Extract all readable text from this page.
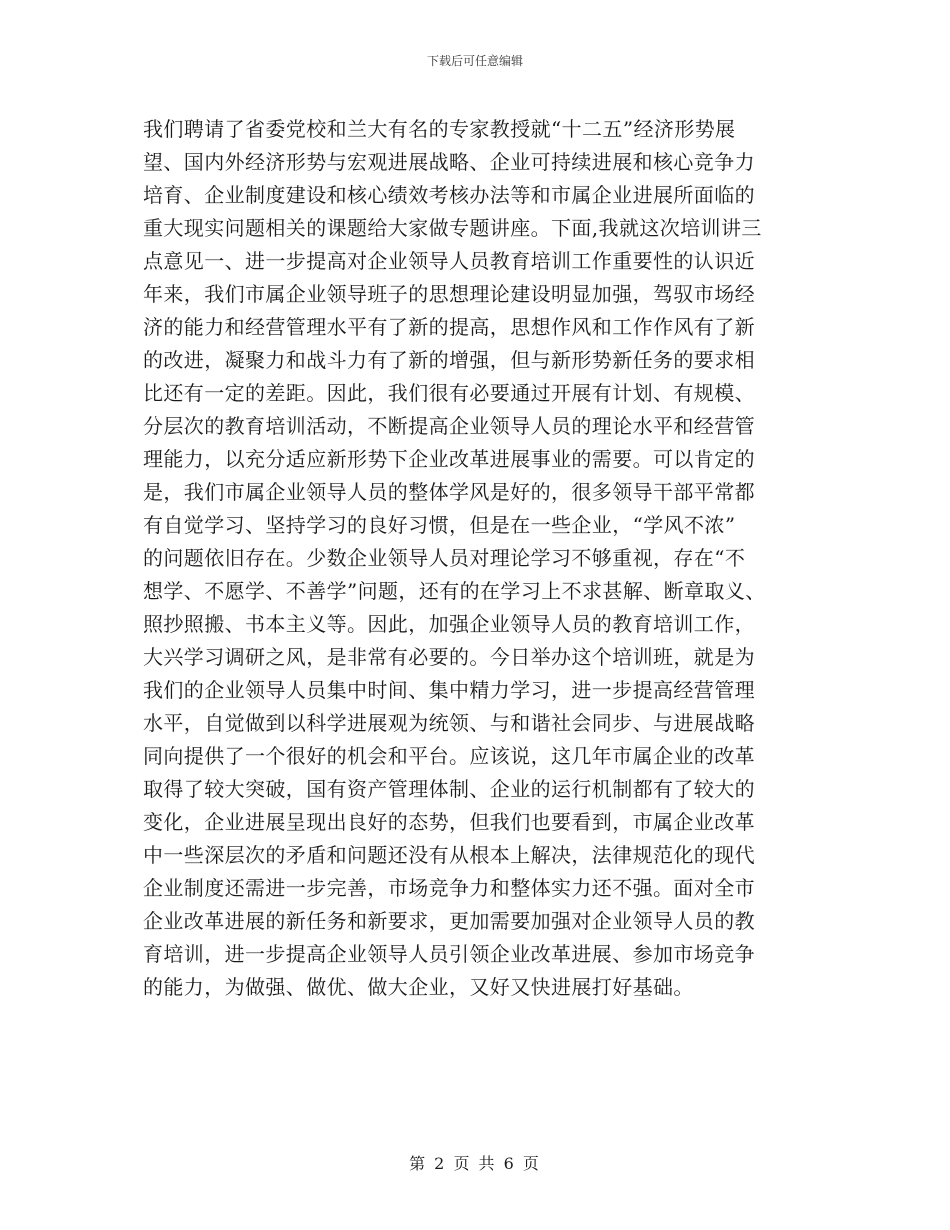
下载后可任意编辑
我们聘请了省委党校和兰大有名的专家教授就“十二五”经济形势展
望、国内外经济形势与宏观进展战略、企业可持续进展和核心竞争力
培育、企业制度建设和核心绩效考核办法等和市属企业进展所面临的
重大现实问题相关的课题给大家做专题讲座。下面,我就这次培训讲三
点意见一、进一步提高对企业领导人员教育培训工作重要性的认识近
年来，我们市属企业领导班子的思想理论建设明显加强，驾驭市场经
济的能力和经营管理水平有了新的提高，思想作风和工作作风有了新
的改进，凝聚力和战斗力有了新的增强，但与新形势新任务的要求相
比还有一定的差距。因此，我们很有必要通过开展有计划、有规模、
分层次的教育培训活动，不断提高企业领导人员的理论水平和经营管
理能力，以充分适应新形势下企业改革进展事业的需要。可以肯定的
是，我们市属企业领导人员的整体学风是好的，很多领导干部平常都
有自觉学习、坚持学习的良好习惯，但是在一些企业，“学风不浓”
的问题依旧存在。少数企业领导人员对理论学习不够重视，存在“不
想学、不愿学、不善学”问题，还有的在学习上不求甚解、断章取义、
照抄照搬、书本主义等。因此，加强企业领导人员的教育培训工作，
大兴学习调研之风，是非常有必要的。今日举办这个培训班，就是为
我们的企业领导人员集中时间、集中精力学习，进一步提高经营管理
水平，自觉做到以科学进展观为统领、与和谐社会同步、与进展战略
同向提供了一个很好的机会和平台。应该说，这几年市属企业的改革
取得了较大突破，国有资产管理体制、企业的运行机制都有了较大的
变化，企业进展呈现出良好的态势，但我们也要看到，市属企业改革
中一些深层次的矛盾和问题还没有从根本上解决，法律规范化的现代
企业制度还需进一步完善，市场竞争力和整体实力还不强。面对全市
企业改革进展的新任务和新要求，更加需要加强对企业领导人员的教
育培训，进一步提高企业领导人员引领企业改革进展、参加市场竞争
的能力，为做强、做优、做大企业，又好又快进展打好基础。
第 2 页 共 6 页
